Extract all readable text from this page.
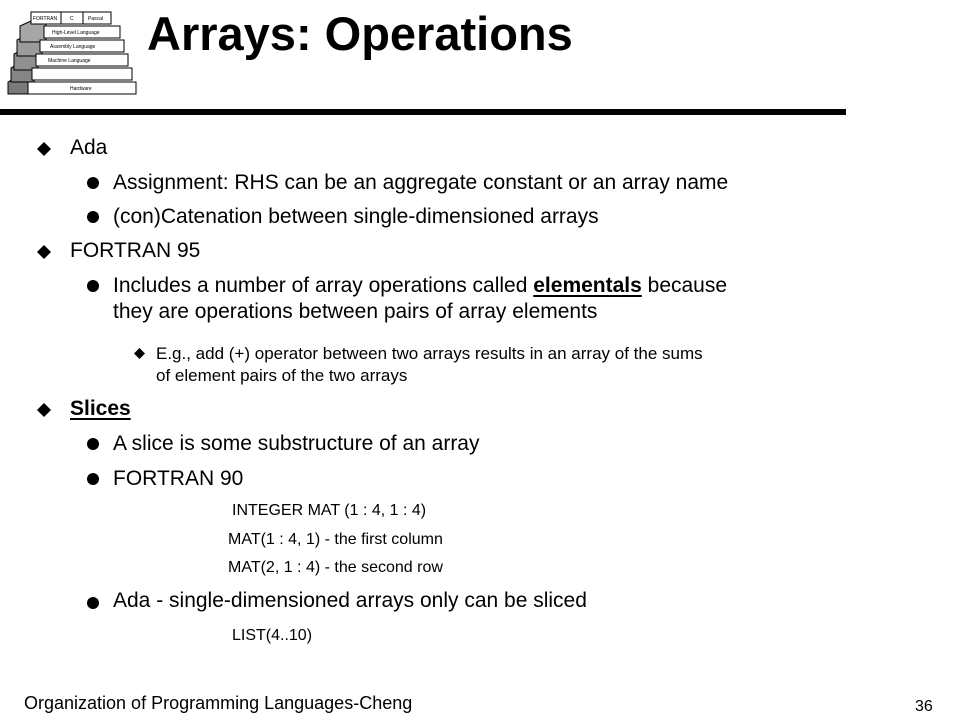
FORTRAN	C	Pascal
High-Level Language
Assembly Language
Machine Language
Hardware
Arrays: Operations
Ada
Assignment: RHS can be an aggregate constant or an array name
(con)Catenation between single-dimensioned arrays
FORTRAN 95
Includes a number of array operations called elementals because
they are operations between pairs of array elements
E.g., add (+) operator between two arrays results in an array of the sums
of element pairs of the two arrays
Slices
A slice is some substructure of an array
FORTRAN 90
INTEGER MAT (1 : 4, 1 : 4)
MAT(1 : 4, 1) - the first column
MAT(2, 1 : 4) - the second row
Ada - single-dimensioned arrays only can be sliced
LIST(4..10)
Organization of Programming Languages-Cheng	36
